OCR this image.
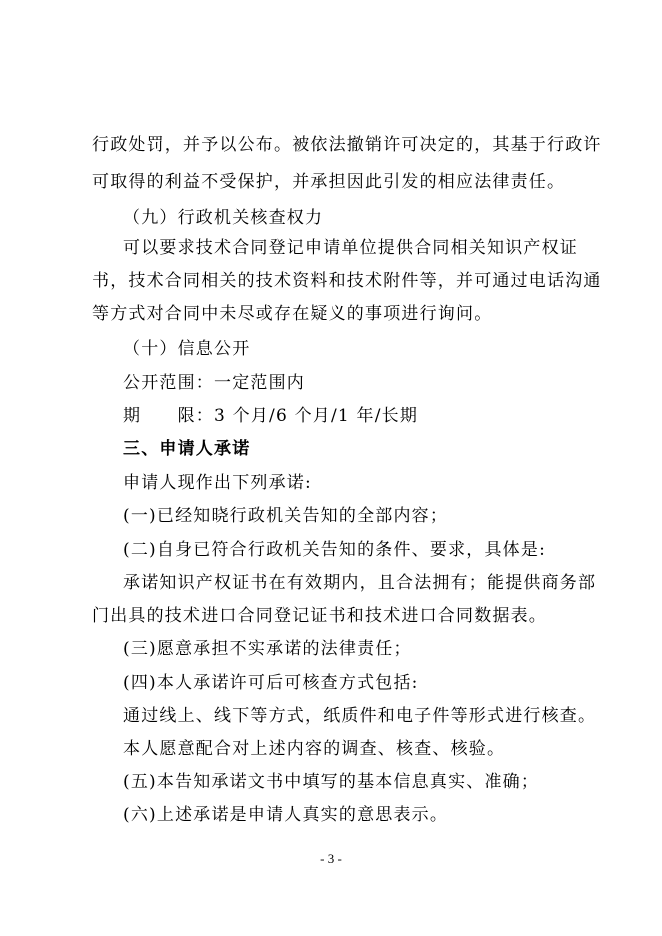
行政处罚，并予以公布。被依法撤销许可决定的，其基于行政许
可取得的利益不受保护，并承担因此引发的相应法律责任。
（九）行政机关核查权力
可以要求技术合同登记申请单位提供合同相关知识产权证
书，技术合同相关的技术资料和技术附件等，并可通过电话沟通
等方式对合同中未尽或存在疑义的事项进行询问。
（十）信息公开
公开范围：一定范围内
期　　限：3 个月/6 个月/1 年/长期
三、申请人承诺
申请人现作出下列承诺:
(一)已经知晓行政机关告知的全部内容；
(二)自身已符合行政机关告知的条件、要求，具体是:
承诺知识产权证书在有效期内，且合法拥有；能提供商务部
门出具的技术进口合同登记证书和技术进口合同数据表。
(三)愿意承担不实承诺的法律责任；
(四)本人承诺许可后可核查方式包括:
通过线上、线下等方式，纸质件和电子件等形式进行核查。
本人愿意配合对上述内容的调查、核查、核验。
(五)本告知承诺文书中填写的基本信息真实、准确；
(六)上述承诺是申请人真实的意思表示。
- 3 -
